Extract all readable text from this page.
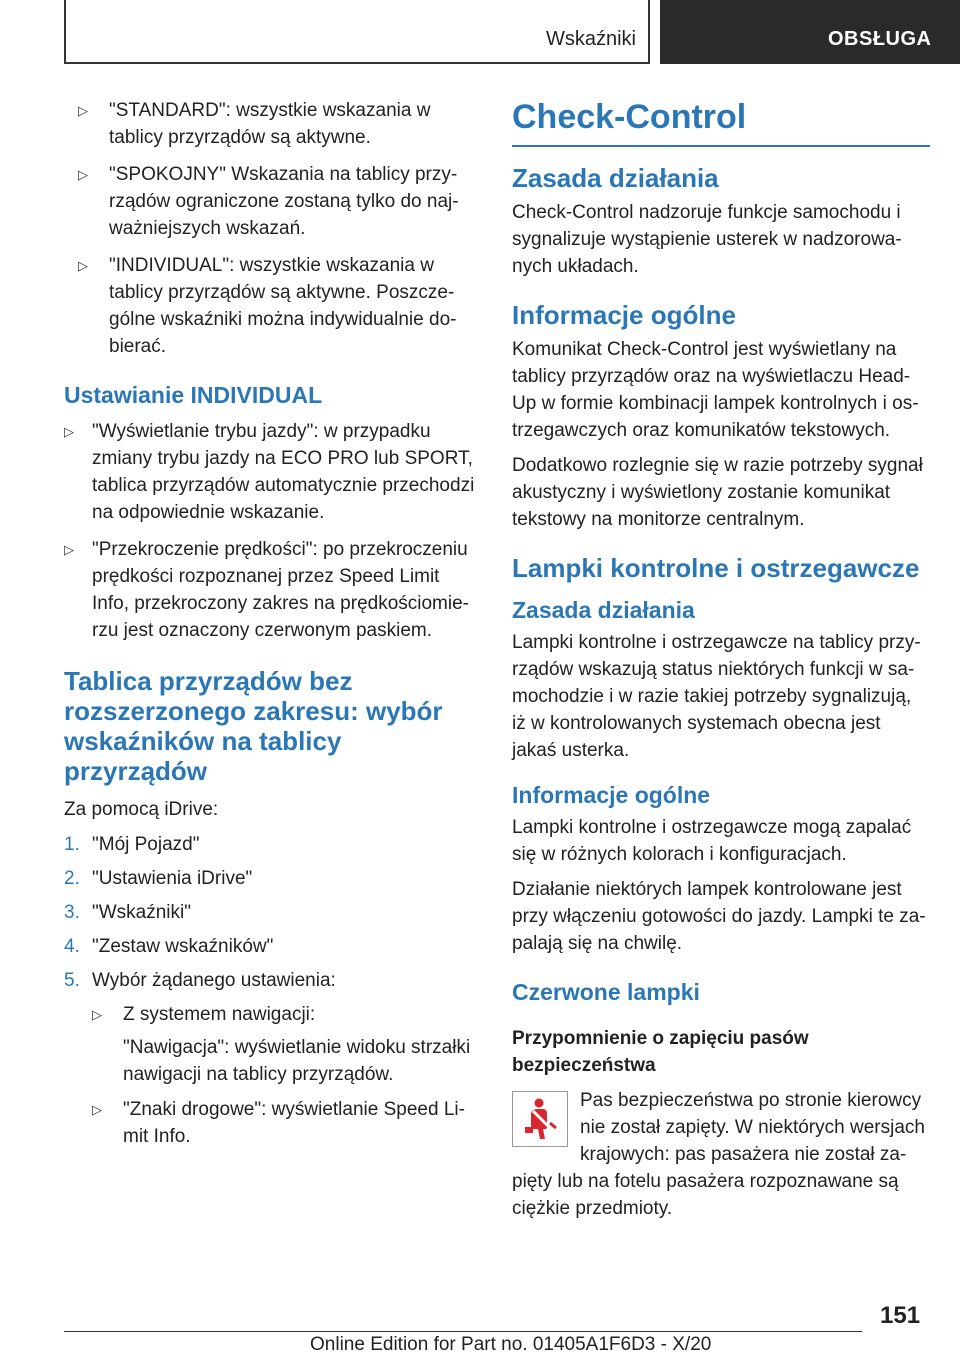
Wskaźniki	OBSŁUGA
▷ "STANDARD": wszystkie wskazania w tablicy przyrządów są aktywne.
▷ "SPOKOJNY" Wskazania na tablicy przy-rządów ograniczone zostaną tylko do naj-ważniejszych wskazań.
▷ "INDIVIDUAL": wszystkie wskazania w tablicy przyrządów są aktywne. Poszcze-gólne wskaźniki można indywidualnie do-bierać.
Ustawianie INDIVIDUAL
▷ "Wyświetlanie trybu jazdy": w przypadku zmiany trybu jazdy na ECO PRO lub SPORT, tablica przyrządów automatycznie przechodzi na odpowiednie wskazanie.
▷ "Przekroczenie prędkości": po przekroczeniu prędkości rozpoznanej przez Speed Limit Info, przekroczony zakres na prędkościomie-rzu jest oznaczony czerwonym paskiem.
Tablica przyrządów bez rozszerzonego zakresu: wybór wskaźników na tablicy przyrządów

Za pomocą iDrive:

1. "Mój Pojazd"
2. "Ustawienia iDrive"
3. "Wskaźniki"
4. "Zestaw wskaźników"
5. Wybór żądanego ustawienia:
▷ Z systemem nawigacji:

"Nawigacja": wyświetlanie widoku strzałki nawigacji na tablicy przyrządów.

▷ "Znaki drogowe": wyświetlanie Speed Li-mit Info.
Check-Control
Zasada działania

Check-Control nadzoruje funkcje samochodu i sygnalizuje wystąpienie usterek w nadzorowa-nych układach.

Informacje ogólne

Komunikat Check-Control jest wyświetlany na tablicy przyrządów oraz na wyświetlaczu Head-Up w formie kombinacji lampek kontrolnych i os-trzegawczych oraz komunikatów tekstowych.

Dodatkowo rozlegnie się w razie potrzeby sygnał akustyczny i wyświetlony zostanie komunikat tekstowy na monitorze centralnym.

Lampki kontrolne i ostrzegawcze
Zasada działania

Lampki kontrolne i ostrzegawcze na tablicy przy-rządów wskazują status niektórych funkcji w sa-mochodzie i w razie takiej potrzeby sygnalizują, iż w kontrolowanych systemach obecna jest jakaś usterka.

Informacje ogólne

Lampki kontrolne i ostrzegawcze mogą zapalać się w różnych kolorach i konfiguracjach.

Działanie niektórych lampek kontrolowane jest przy włączeniu gotowości do jazdy. Lampki te za-palają się na chwilę.

Czerwone lampki
Przypomnienie o zapięciu pasów bezpieczeństwa

Pas bezpieczeństwa po stronie kierowcy nie został zapięty. W niektórych wersjach krajowych: pas pasażera nie został za-

pięty lub na fotelu pasażera rozpoznawane są ciężkie przedmioty.

151
Online Edition for Part no. 01405A1F6D3 - X/20
